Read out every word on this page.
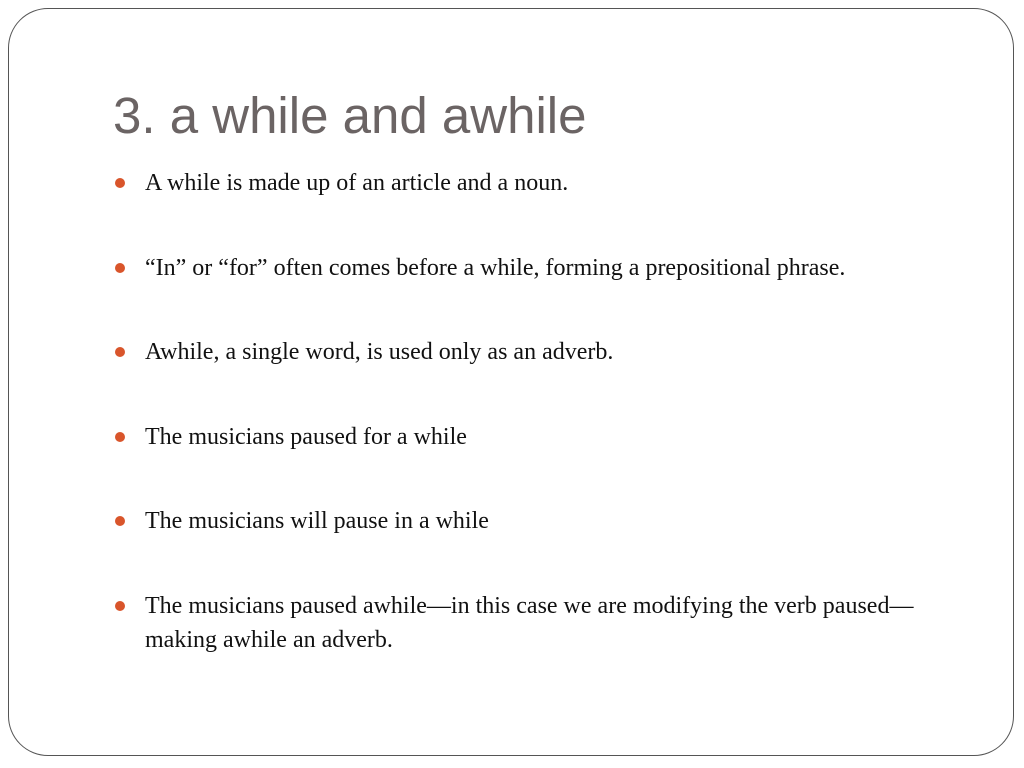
3. a while and awhile
A while is made up of an article and a noun.
“In” or “for” often comes before a while, forming a prepositional phrase.
Awhile, a single word, is used only as an adverb.
The musicians paused for a while
The musicians will pause in a while
The musicians paused awhile—in this case we are modifying the verb paused—making awhile an adverb.
